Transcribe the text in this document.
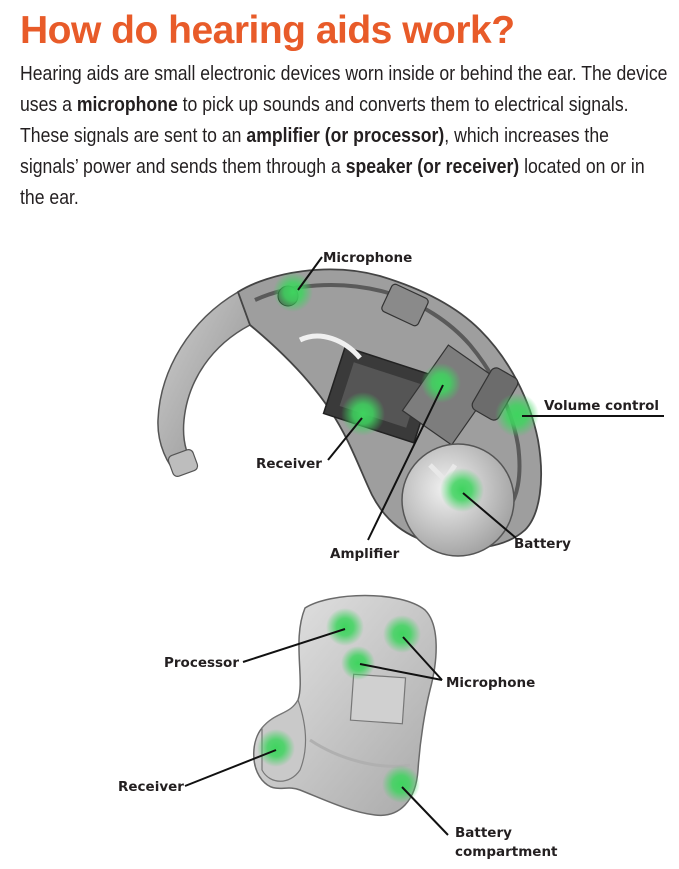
How do hearing aids work?

Hearing aids are small electronic devices worn inside or behind the ear. The device uses a microphone to pick up sounds and converts them to electrical signals. These signals are sent to an amplifier (or processor), which increases the signals’ power and sends them through a speaker (or receiver) located on or in the ear.

Microphone
Volume control
Receiver
Amplifier
Battery
Processor
Microphone
Receiver
Battery
compartment
